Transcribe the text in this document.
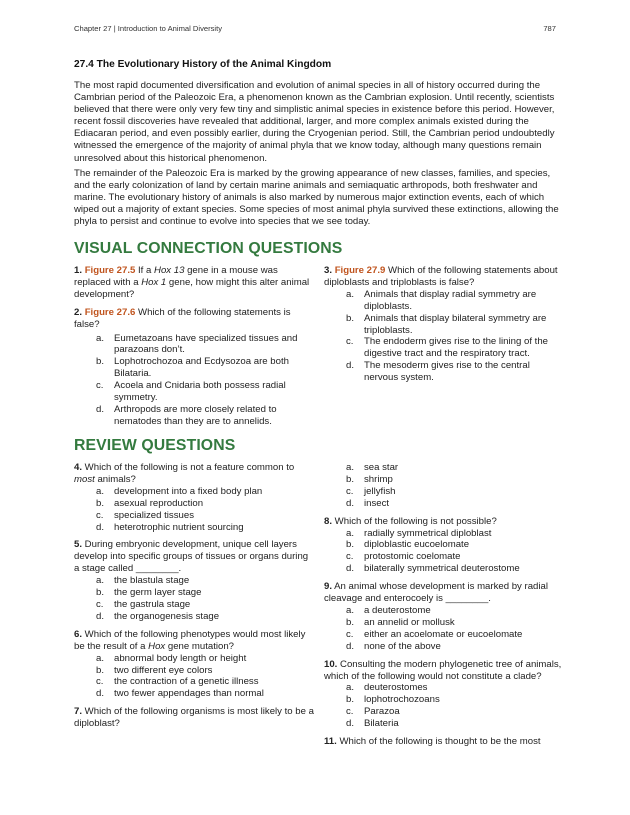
Chapter 27 | Introduction to Animal Diversity	787
27.4 The Evolutionary History of the Animal Kingdom

The most rapid documented diversification and evolution of animal species in all of history occurred during the Cambrian period of the Paleozoic Era, a phenomenon known as the Cambrian explosion. Until recently, scientists believed that there were only very few tiny and simplistic animal species in existence before this period. However, recent fossil discoveries have revealed that additional, larger, and more complex animals existed during the Ediacaran period, and even possibly earlier, during the Cryogenian period. Still, the Cambrian period undoubtedly witnessed the emergence of the majority of animal phyla that we know today, although many questions remain unresolved about this historical phenomenon.

The remainder of the Paleozoic Era is marked by the growing appearance of new classes, families, and species, and the early colonization of land by certain marine animals and semiaquatic arthropods, both freshwater and marine. The evolutionary history of animals is also marked by numerous major extinction events, each of which wiped out a majority of extant species. Some species of most animal phyla survived these extinctions, allowing the phyla to persist and continue to evolve into species that we see today.

VISUAL CONNECTION QUESTIONS

1. Figure 27.5 If a Hox 13 gene in a mouse was replaced with a Hox 1 gene, how might this alter animal development?

2. Figure 27.6 Which of the following statements is false?

a.	Eumetazoans have specialized tissues and parazoans don’t.
b.	Lophotrochozoa and Ecdysozoa are both Bilataria.
c.	Acoela and Cnidaria both possess radial symmetry.
d.	Arthropods are more closely related to nematodes than they are to annelids.

3. Figure 27.9 Which of the following statements about diploblasts and triploblasts is false?

a.	Animals that display radial symmetry are diploblasts.
b.	Animals that display bilateral symmetry are triploblasts.
c.	The endoderm gives rise to the lining of the digestive tract and the respiratory tract.
d.	The mesoderm gives rise to the central nervous system.
REVIEW QUESTIONS

4. Which of the following is not a feature common to most animals?

a.	development into a fixed body plan
b.	asexual reproduction
c.	specialized tissues
d.	heterotrophic nutrient sourcing

5. During embryonic development, unique cell layers develop into specific groups of tissues or organs during a stage called ________.

a.	the blastula stage
b.	the germ layer stage
c.	the gastrula stage
d.	the organogenesis stage

6. Which of the following phenotypes would most likely be the result of a Hox gene mutation?

a.	abnormal body length or height
b.	two different eye colors
c.	the contraction of a genetic illness
d.	two fewer appendages than normal

7. Which of the following organisms is most likely to be a diploblast?

a.	sea star
b.	shrimp
c.	jellyfish
d.	insect

8. Which of the following is not possible?

a.	radially symmetrical diploblast
b.	diploblastic eucoelomate
c.	protostomic coelomate
d.	bilaterally symmetrical deuterostome

9. An animal whose development is marked by radial cleavage and enterocoely is ________.

a.	a deuterostome
b.	an annelid or mollusk
c.	either an acoelomate or eucoelomate
d.	none of the above

10. Consulting the modern phylogenetic tree of animals, which of the following would not constitute a clade?

a.	deuterostomes
b.	lophotrochozoans
c.	Parazoa
d.	Bilateria

11. Which of the following is thought to be the most
